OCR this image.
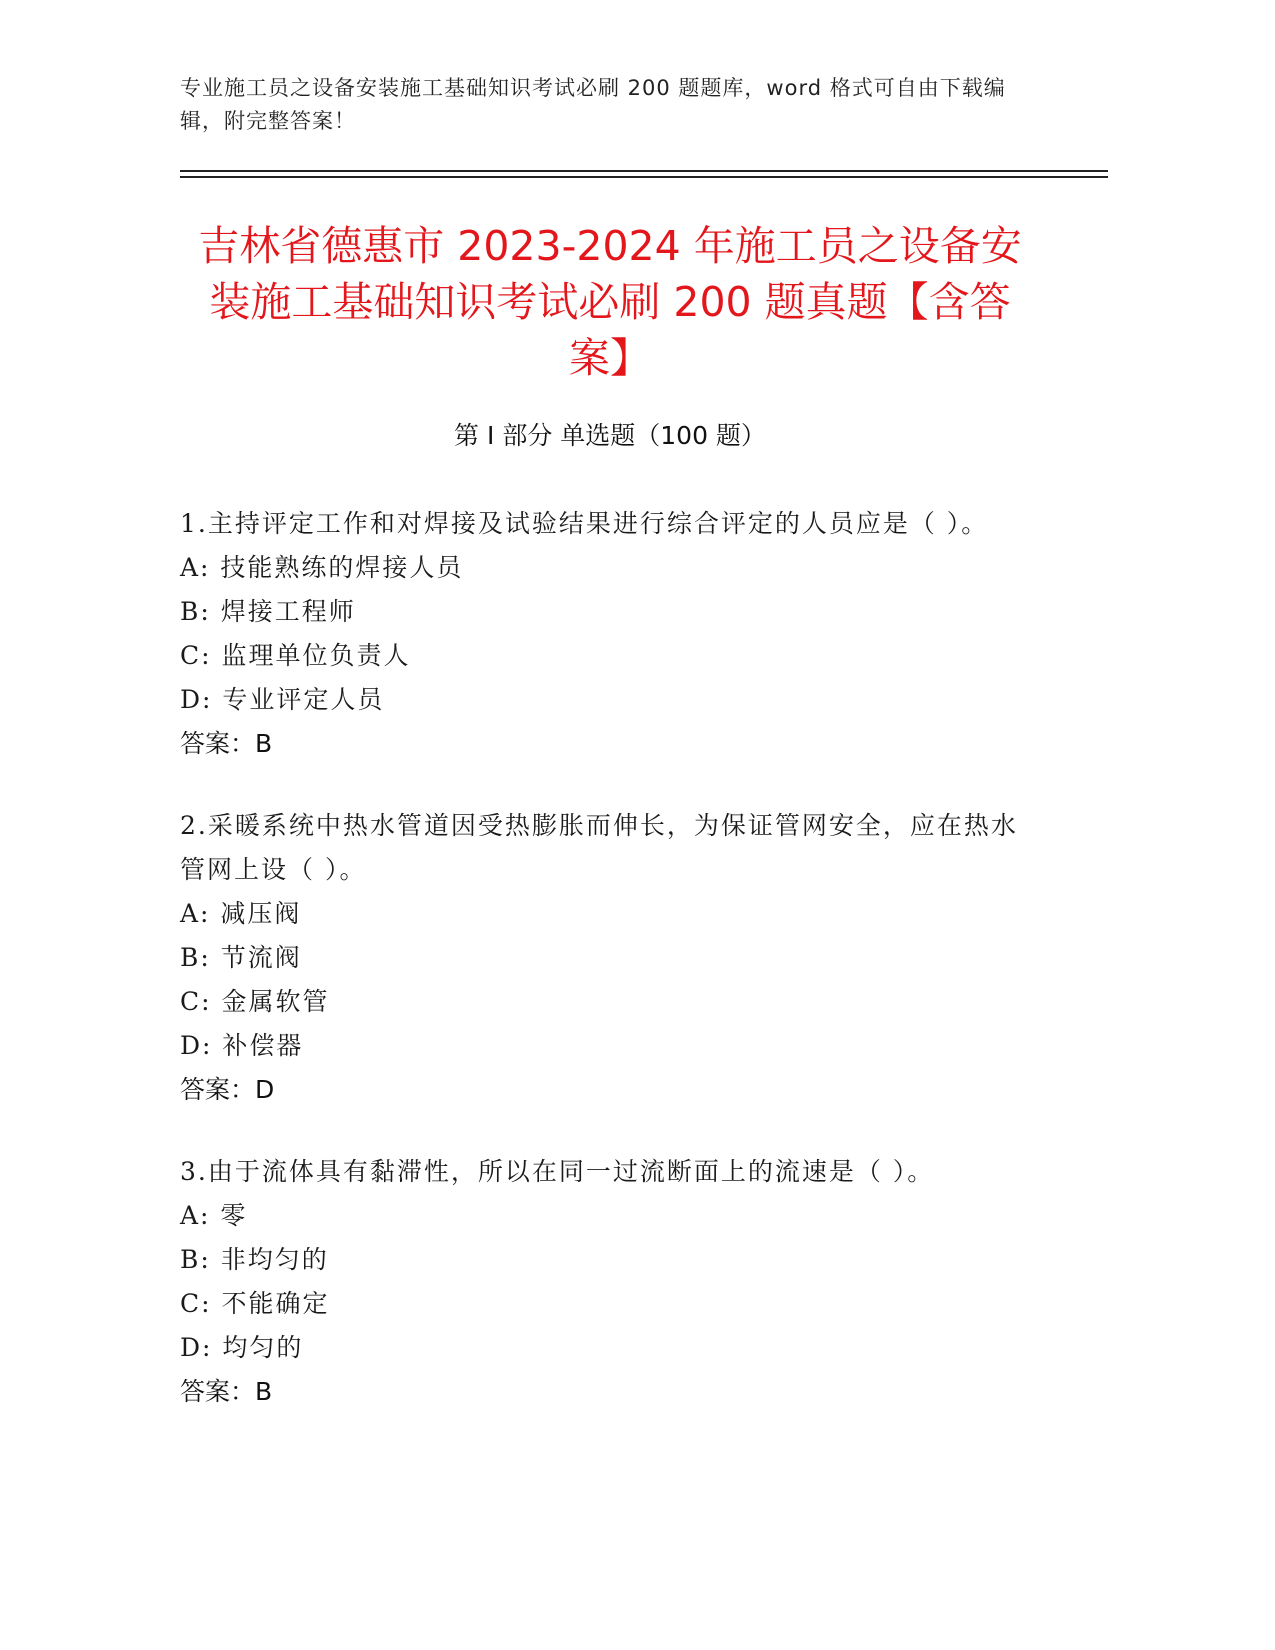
专业施工员之设备安装施工基础知识考试必刷 200 题题库，word 格式可自由下载编辑，附完整答案！
吉林省德惠市 2023-2024 年施工员之设备安装施工基础知识考试必刷 200 题真题【含答案】
第 I 部分 单选题（100 题）

1.主持评定工作和对焊接及试验结果进行综合评定的人员应是（ ）。

A: 技能熟练的焊接人员

B: 焊接工程师

C: 监理单位负责人

D: 专业评定人员

答案：B

2.采暖系统中热水管道因受热膨胀而伸长，为保证管网安全，应在热水管网上设（ ）。

A: 减压阀

B: 节流阀

C: 金属软管

D: 补偿器

答案：D

3.由于流体具有黏滞性，所以在同一过流断面上的流速是（ ）。

A: 零

B: 非均匀的

C: 不能确定

D: 均匀的

答案：B
